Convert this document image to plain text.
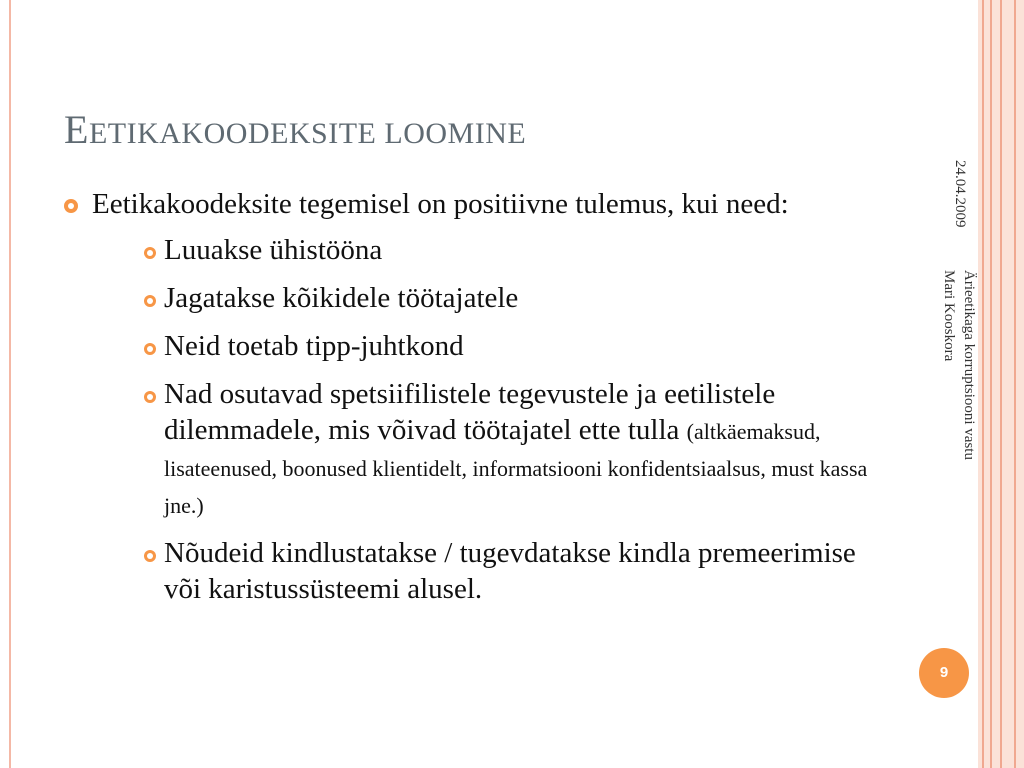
EETIKAKOODEKSITE LOOMINE
Eetikakoodeksite tegemisel on positiivne tulemus, kui need:
Luuakse ühistööna
Jagatakse kõikidele töötajatele
Neid toetab tipp-juhtkond
Nad osutavad spetsiifilistele tegevustele ja eetilistele dilemmadele, mis võivad töötajatel ette tulla (altkäemaksud, lisateenused, boonused klientidelt, informatsiooni konfidentsiaalsus, must kassa jne.)
Nõudeid kindlustatakse / tugevdatakse kindla premeerimise või karistussüsteemi alusel.
24.04.2009
Ärieetikaga korruptsiooni vastu
Mari Kooskora
9
